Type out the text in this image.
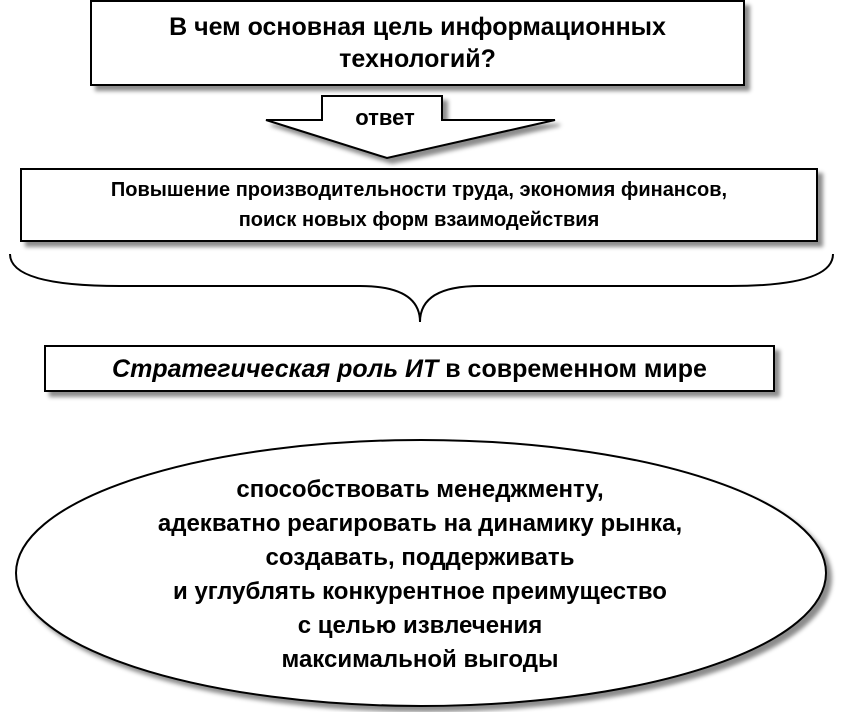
В чем основная цель информационных
технологий?
ответ
Повышение производительности труда, экономия финансов,
поиск новых форм взаимодействия
Стратегическая роль ИТ
в современном мире
способствовать менеджменту,
адекватно реагировать на динамику рынка,
создавать, поддерживать
и углублять конкурентное преимущество
с целью извлечения
максимальной выгоды
